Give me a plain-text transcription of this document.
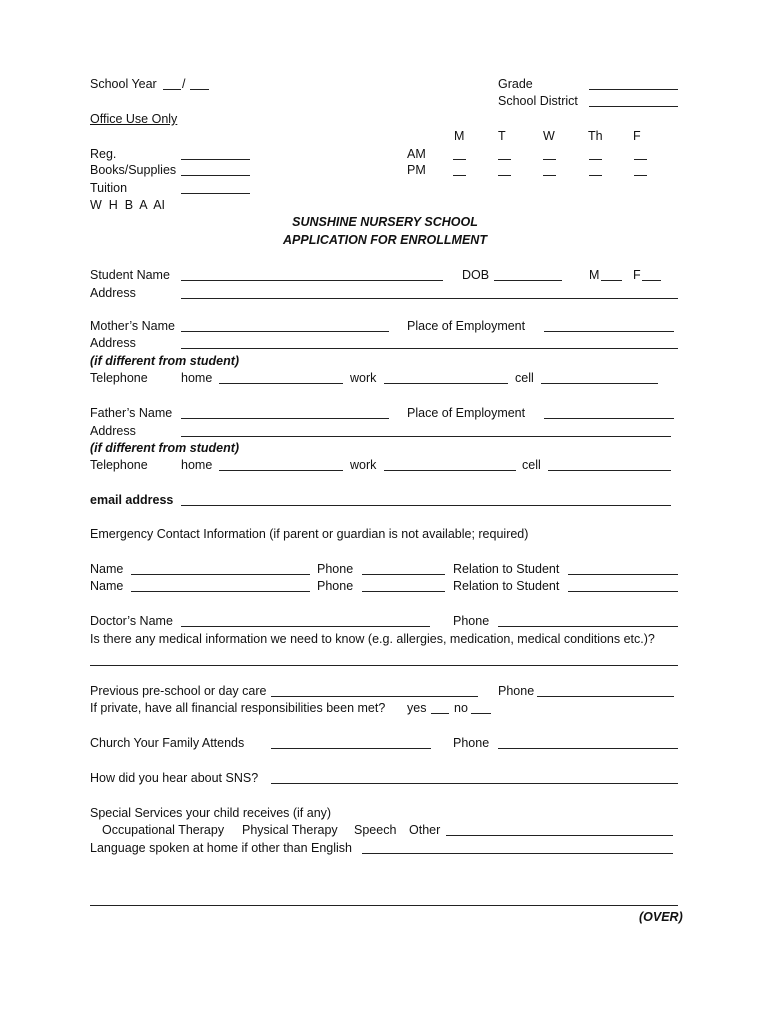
School Year /	Grade
School District
Office Use Only
M	T	W	Th F
Reg.	AM
Books/Supplies	PM
Tuition
W  H  B  A  AI
SUNSHINE NURSERY SCHOOL
APPLICATION FOR ENROLLMENT
Student Name	DOB	M	F
Address
Mother’s Name	Place of Employment
Address
(if different from student)
Telephone	home	work	cell
Father’s Name	Place of Employment
Address
(if different from student)
Telephone	home	work	cell
email address
Emergency Contact Information (if parent or guardian is not available; required)
Name	Phone	Relation to Student
Name	Phone	Relation to Student
Doctor’s Name	Phone
Is there any medical information we need to know (e.g. allergies, medication, medical conditions etc.)?
Previous pre-school or day care	Phone
If private, have all financial responsibilities been met? yes no
Church Your Family Attends	Phone
How did you hear about SNS?
Special Services your child receives (if any)
Occupational Therapy Physical Therapy Speech Other
Language spoken at home if other than English
(OVER)
